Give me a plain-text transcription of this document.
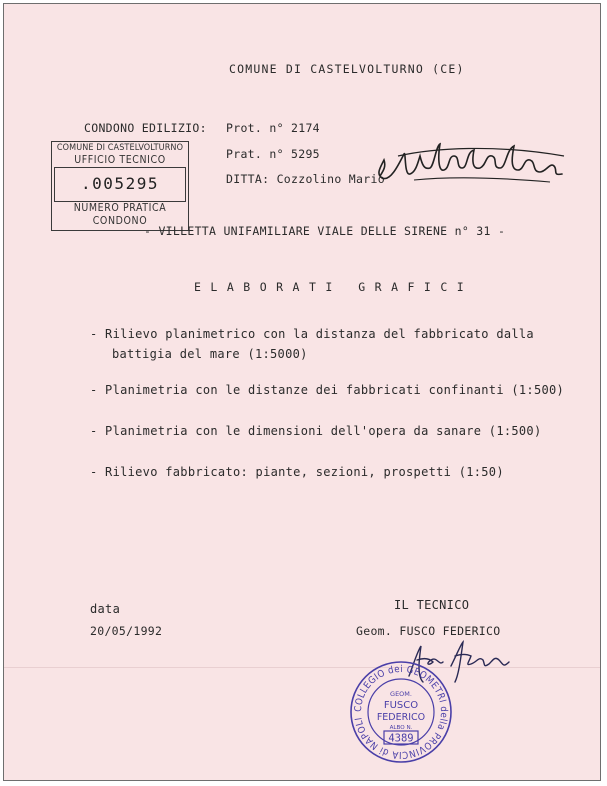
COMUNE DI CASTELVOLTURNO (CE)
CONDONO EDILIZIO: Prot. n° 2174
Prat. n° 5295
DITTA: Cozzolino Mario
COMUNE DI CASTELVOLTURNO
UFFICIO TECNICO
.005295
NUMERO PRATICA
CONDONO
- VILLETTA UNIFAMILIARE VIALE DELLE SIRENE n° 31 -
ELABORATI GRAFICI
- Rilievo planimetrico con la distanza del fabbricato dalla
battigia del mare (1:5000)
- Planimetria con le distanze dei fabbricati confinanti (1:500)
- Planimetria con le dimensioni dell'opera da sanare (1:500)
- Rilievo fabbricato: piante, sezioni, prospetti (1:50)
data
20/05/1992
IL TECNICO
Geom. FUSCO FEDERICO
COLLEGIO dei GEOMETRI della PROVINCIA di NAPOLI
GEOM.
FUSCO
FEDERICO
ALBO N.
4389
